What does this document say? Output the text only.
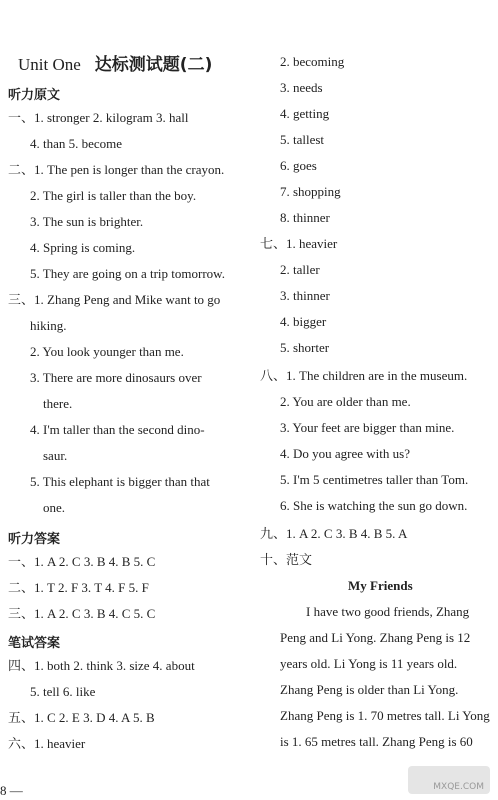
Unit One 达标测试题(二)
听力原文
一、1. stronger 2. kilogram 3. hall
4. than 5. become
二、1. The pen is longer than the crayon.
2. The girl is taller than the boy.
3. The sun is brighter.
4. Spring is coming.
5. They are going on a trip tomorrow.
三、1. Zhang Peng and Mike want to go
hiking.
2. You look younger than me.
3. There are more dinosaurs over
there.
4. I'm taller than the second dino-
saur.
5. This elephant is bigger than that
one.
听力答案
一、1. A 2. C 3. B 4. B 5. C
二、1. T 2. F 3. T 4. F 5. F
三、1. A 2. C 3. B 4. C 5. C
笔试答案
四、1. both 2. think 3. size 4. about
5. tell 6. like
五、1. C 2. E 3. D 4. A 5. B
六、1. heavier
8 —
2. becoming
3. needs
4. getting
5. tallest
6. goes
7. shopping
8. thinner
七、1. heavier
2. taller
3. thinner
4. bigger
5. shorter
八、1. The children are in the museum.
2. You are older than me.
3. Your feet are bigger than mine.
4. Do you agree with us?
5. I'm 5 centimetres taller than Tom.
6. She is watching the sun go down.
九、1. A 2. C 3. B 4. B 5. A
十、范文
My Friends
I have two good friends, Zhang
Peng and Li Yong. Zhang Peng is 12
years old. Li Yong is 11 years old.
Zhang Peng is older than Li Yong.
Zhang Peng is 1. 70 metres tall. Li Yong
is 1. 65 metres tall. Zhang Peng is 60
MXQE.COM
